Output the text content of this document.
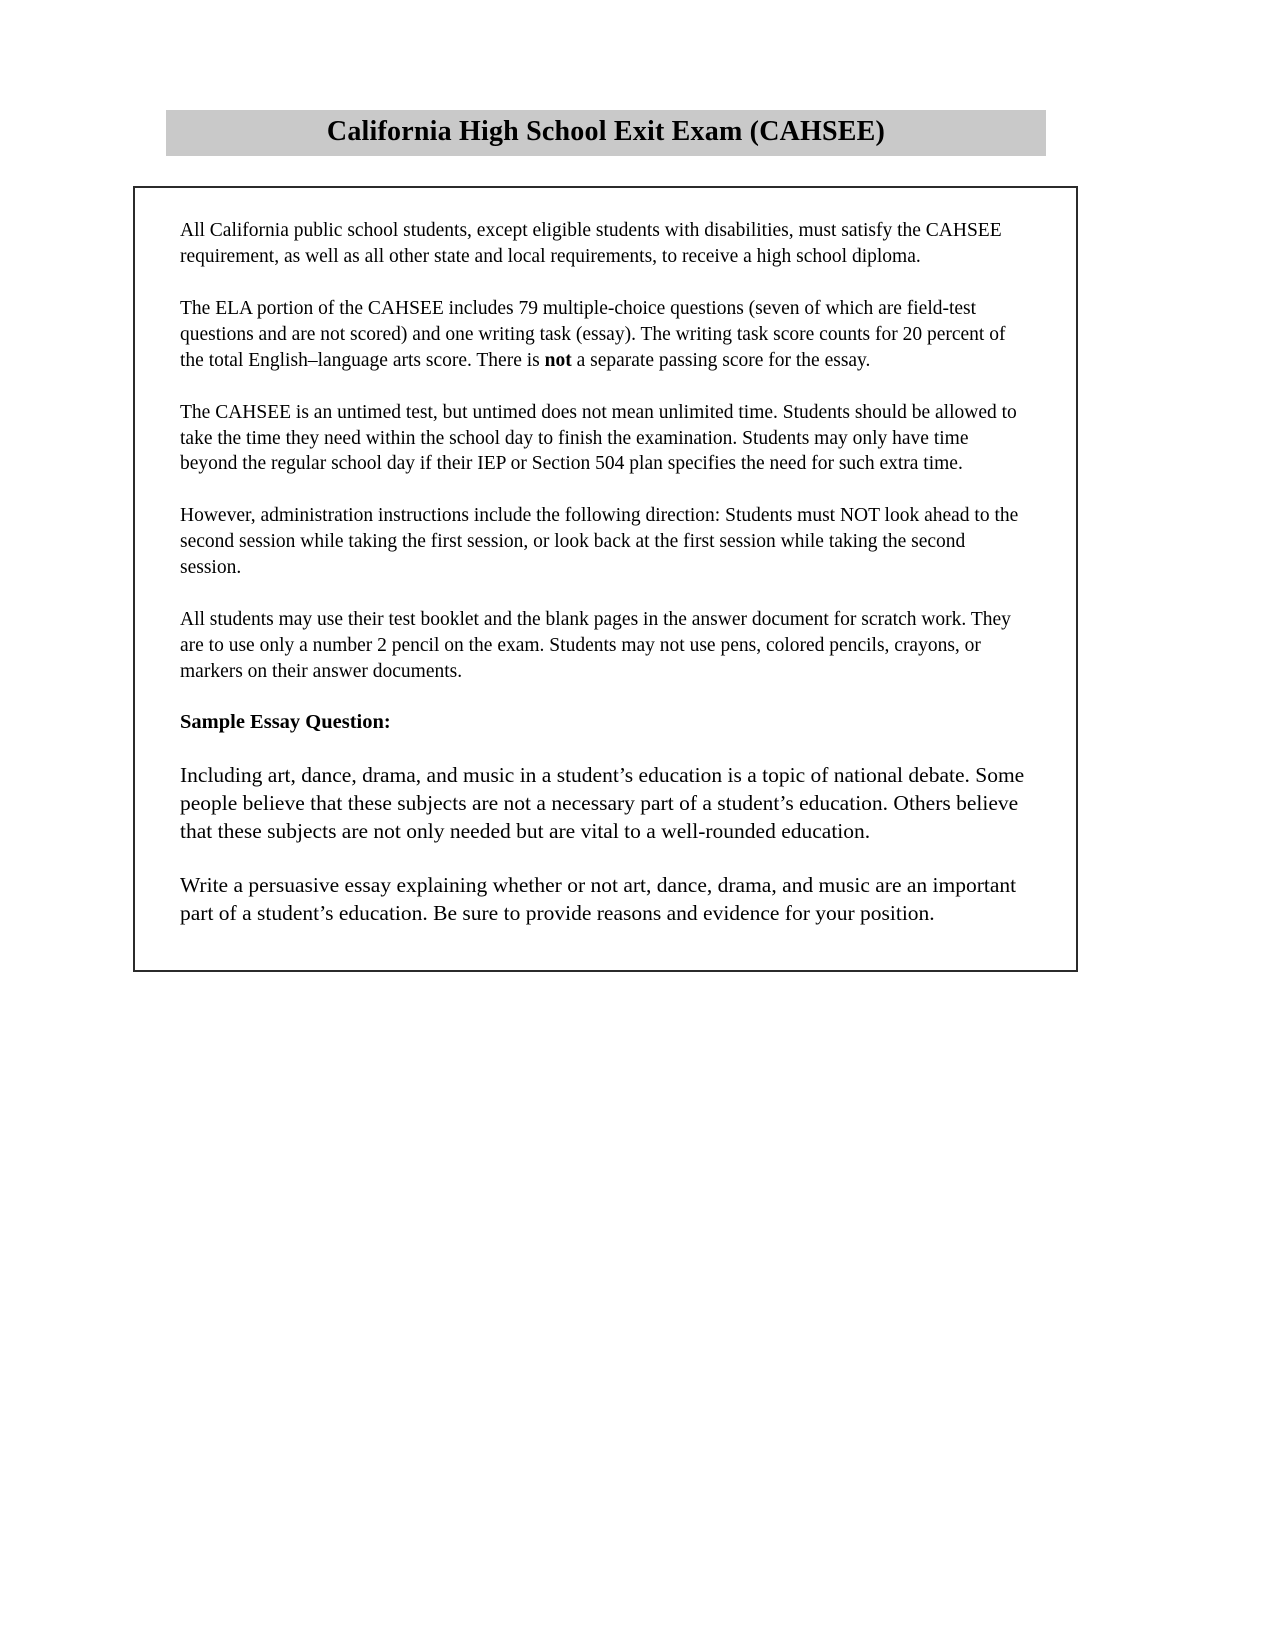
California High School Exit Exam (CAHSEE)

All California public school students, except eligible students with disabilities, must satisfy the CAHSEE requirement, as well as all other state and local requirements, to receive a high school diploma.

The ELA portion of the CAHSEE includes 79 multiple-choice questions (seven of which are field-test questions and are not scored) and one writing task (essay). The writing task score counts for 20 percent of the total English–language arts score. There is not a separate passing score for the essay.

The CAHSEE is an untimed test, but untimed does not mean unlimited time. Students should be allowed to take the time they need within the school day to finish the examination. Students may only have time beyond the regular school day if their IEP or Section 504 plan specifies the need for such extra time.

However, administration instructions include the following direction: Students must NOT look ahead to the second session while taking the first session, or look back at the first session while taking the second session.

All students may use their test booklet and the blank pages in the answer document for scratch work. They are to use only a number 2 pencil on the exam. Students may not use pens, colored pencils, crayons, or markers on their answer documents.

Sample Essay Question:

Including art, dance, drama, and music in a student’s education is a topic of national debate. Some people believe that these subjects are not a necessary part of a student’s education. Others believe that these subjects are not only needed but are vital to a well-rounded education.

Write a persuasive essay explaining whether or not art, dance, drama, and music are an important part of a student’s education. Be sure to provide reasons and evidence for your position.
